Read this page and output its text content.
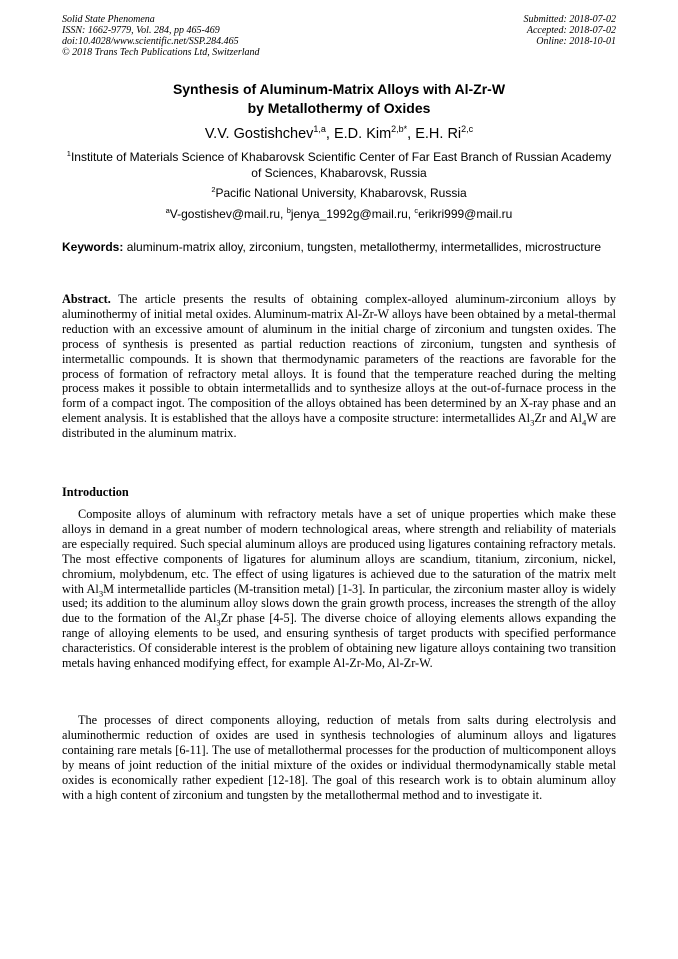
Solid State Phenomena
ISSN: 1662-9779, Vol. 284, pp 465-469
doi:10.4028/www.scientific.net/SSP.284.465
© 2018 Trans Tech Publications Ltd, Switzerland
Submitted: 2018-07-02
Accepted: 2018-07-02
Online: 2018-10-01
Synthesis of Aluminum-Matrix Alloys with Al-Zr-W
by Metallothermy of Oxides
V.V. Gostishchev$^{1,a}$, E.D. Kim$^{2,b*}$, E.H. Ri$^{2,c}$
$^1$Institute of Materials Science of Khabarovsk Scientific Center of Far East Branch of Russian Academy of Sciences, Khabarovsk, Russia
$^2$Pacific National University, Khabarovsk, Russia
$^a$V-gostishev@mail.ru, $^b$jenya_1992g@mail.ru, $^c$erikri999@mail.ru
Keywords: aluminum-matrix alloy, zirconium, tungsten, metallothermy, intermetallides, microstructure
Abstract. The article presents the results of obtaining complex-alloyed aluminum-zirconium alloys by aluminothermy of initial metal oxides. Aluminum-matrix Al-Zr-W alloys have been obtained by a metal-thermal reduction with an excessive amount of aluminum in the initial charge of zirconium and tungsten oxides. The process of synthesis is presented as partial reduction reactions of zirconium, tungsten and synthesis of intermetallic compounds. It is shown that thermodynamic parameters of the reactions are favorable for the process of formation of refractory metal alloys. It is found that the temperature reached during the melting process makes it possible to obtain intermetallids and to synthesize alloys at the out-of-furnace process in the form of a compact ingot. The composition of the alloys obtained has been determined by an X-ray phase and an element analysis. It is established that the alloys have a composite structure: intermetallides $Al_3Zr$ and $Al_4W$ are distributed in the aluminum matrix.
Introduction
Composite alloys of aluminum with refractory metals have a set of unique properties which make these alloys in demand in a great number of modern technological areas, where strength and reliability of materials are especially required. Such special aluminum alloys are produced using ligatures containing refractory metals. The most effective components of ligatures for aluminum alloys are scandium, titanium, zirconium, nickel, chromium, molybdenum, etc. The effect of using ligatures is achieved due to the saturation of the matrix melt with $Al_3M$ intermetallide particles (M-transition metal) [1-3]. In particular, the zirconium master alloy is widely used; its addition to the aluminum alloy slows down the grain growth process, increases the strength of the alloy due to the formation of the $Al_3Zr$ phase [4-5]. The diverse choice of alloying elements allows expanding the range of alloying elements to be used, and ensuring synthesis of target products with specified performance characteristics. Of considerable interest is the problem of obtaining new ligature alloys containing two transition metals having enhanced modifying effect, for example Al-Zr-Mo, Al-Zr-W.
The processes of direct components alloying, reduction of metals from salts during electrolysis and aluminothermic reduction of oxides are used in synthesis technologies of aluminum alloys and ligatures containing rare metals [6-11]. The use of metallothermal processes for the production of multicomponent alloys by means of joint reduction of the initial mixture of the oxides or individual thermodynamically stable metal oxides is economically rather expedient [12-18]. The goal of this research work is to obtain aluminum alloy with a high content of zirconium and tungsten by the metallothermal method and to investigate it.
